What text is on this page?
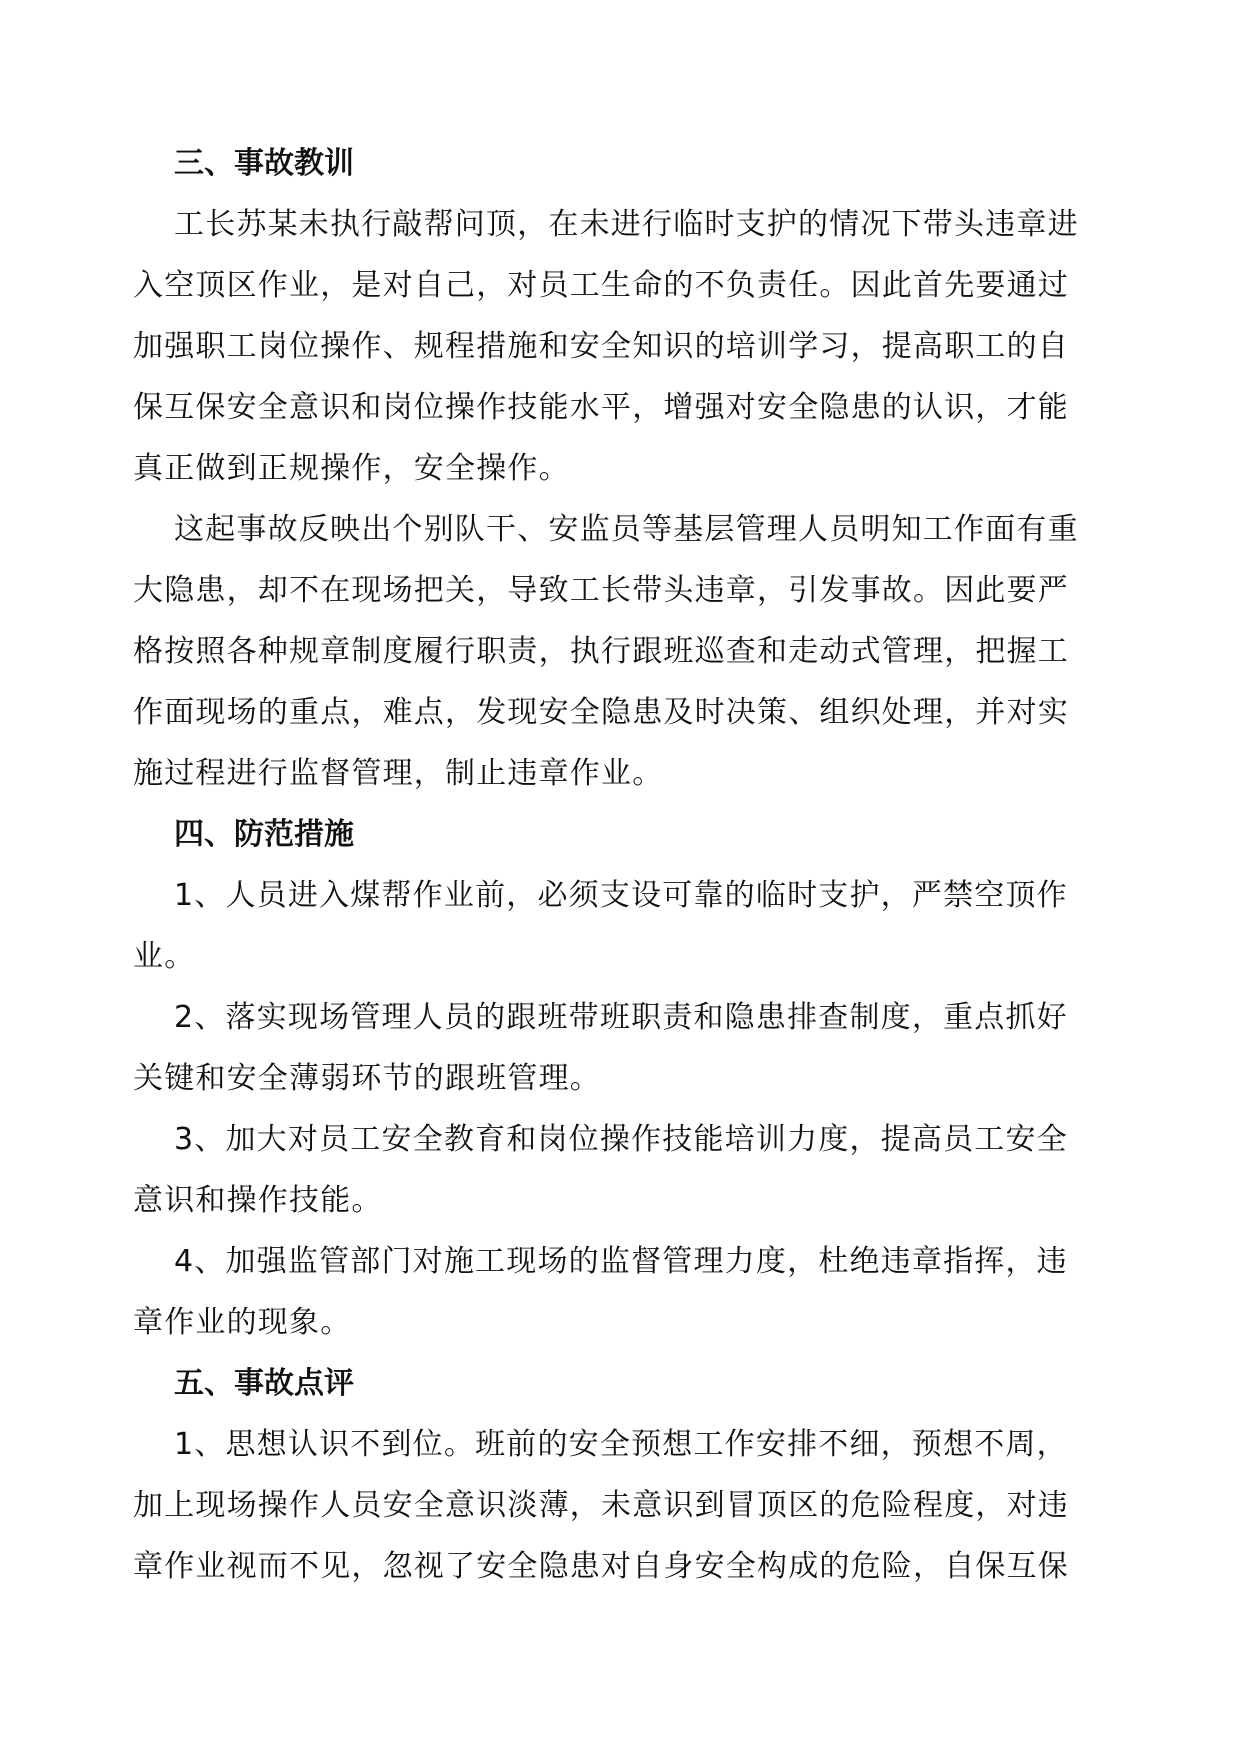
三、事故教训

工长苏某未执行敲帮问顶，在未进行临时支护的情况下带头违章进
入空顶区作业，是对自己，对员工生命的不负责任。因此首先要通过
加强职工岗位操作、规程措施和安全知识的培训学习，提高职工的自
保互保安全意识和岗位操作技能水平，增强对安全隐患的认识，才能
真正做到正规操作，安全操作。

这起事故反映出个别队干、安监员等基层管理人员明知工作面有重
大隐患，却不在现场把关，导致工长带头违章，引发事故。因此要严
格按照各种规章制度履行职责，执行跟班巡查和走动式管理，把握工
作面现场的重点，难点，发现安全隐患及时决策、组织处理，并对实
施过程进行监督管理，制止违章作业。

四、防范措施

1、人员进入煤帮作业前，必须支设可靠的临时支护，严禁空顶作
业。

2、落实现场管理人员的跟班带班职责和隐患排查制度，重点抓好
关键和安全薄弱环节的跟班管理。

3、加大对员工安全教育和岗位操作技能培训力度，提高员工安全
意识和操作技能。

4、加强监管部门对施工现场的监督管理力度，杜绝违章指挥，违
章作业的现象。

五、事故点评

1、思想认识不到位。班前的安全预想工作安排不细，预想不周，
加上现场操作人员安全意识淡薄，未意识到冒顶区的危险程度，对违
章作业视而不见，忽视了安全隐患对自身安全构成的危险，自保互保
